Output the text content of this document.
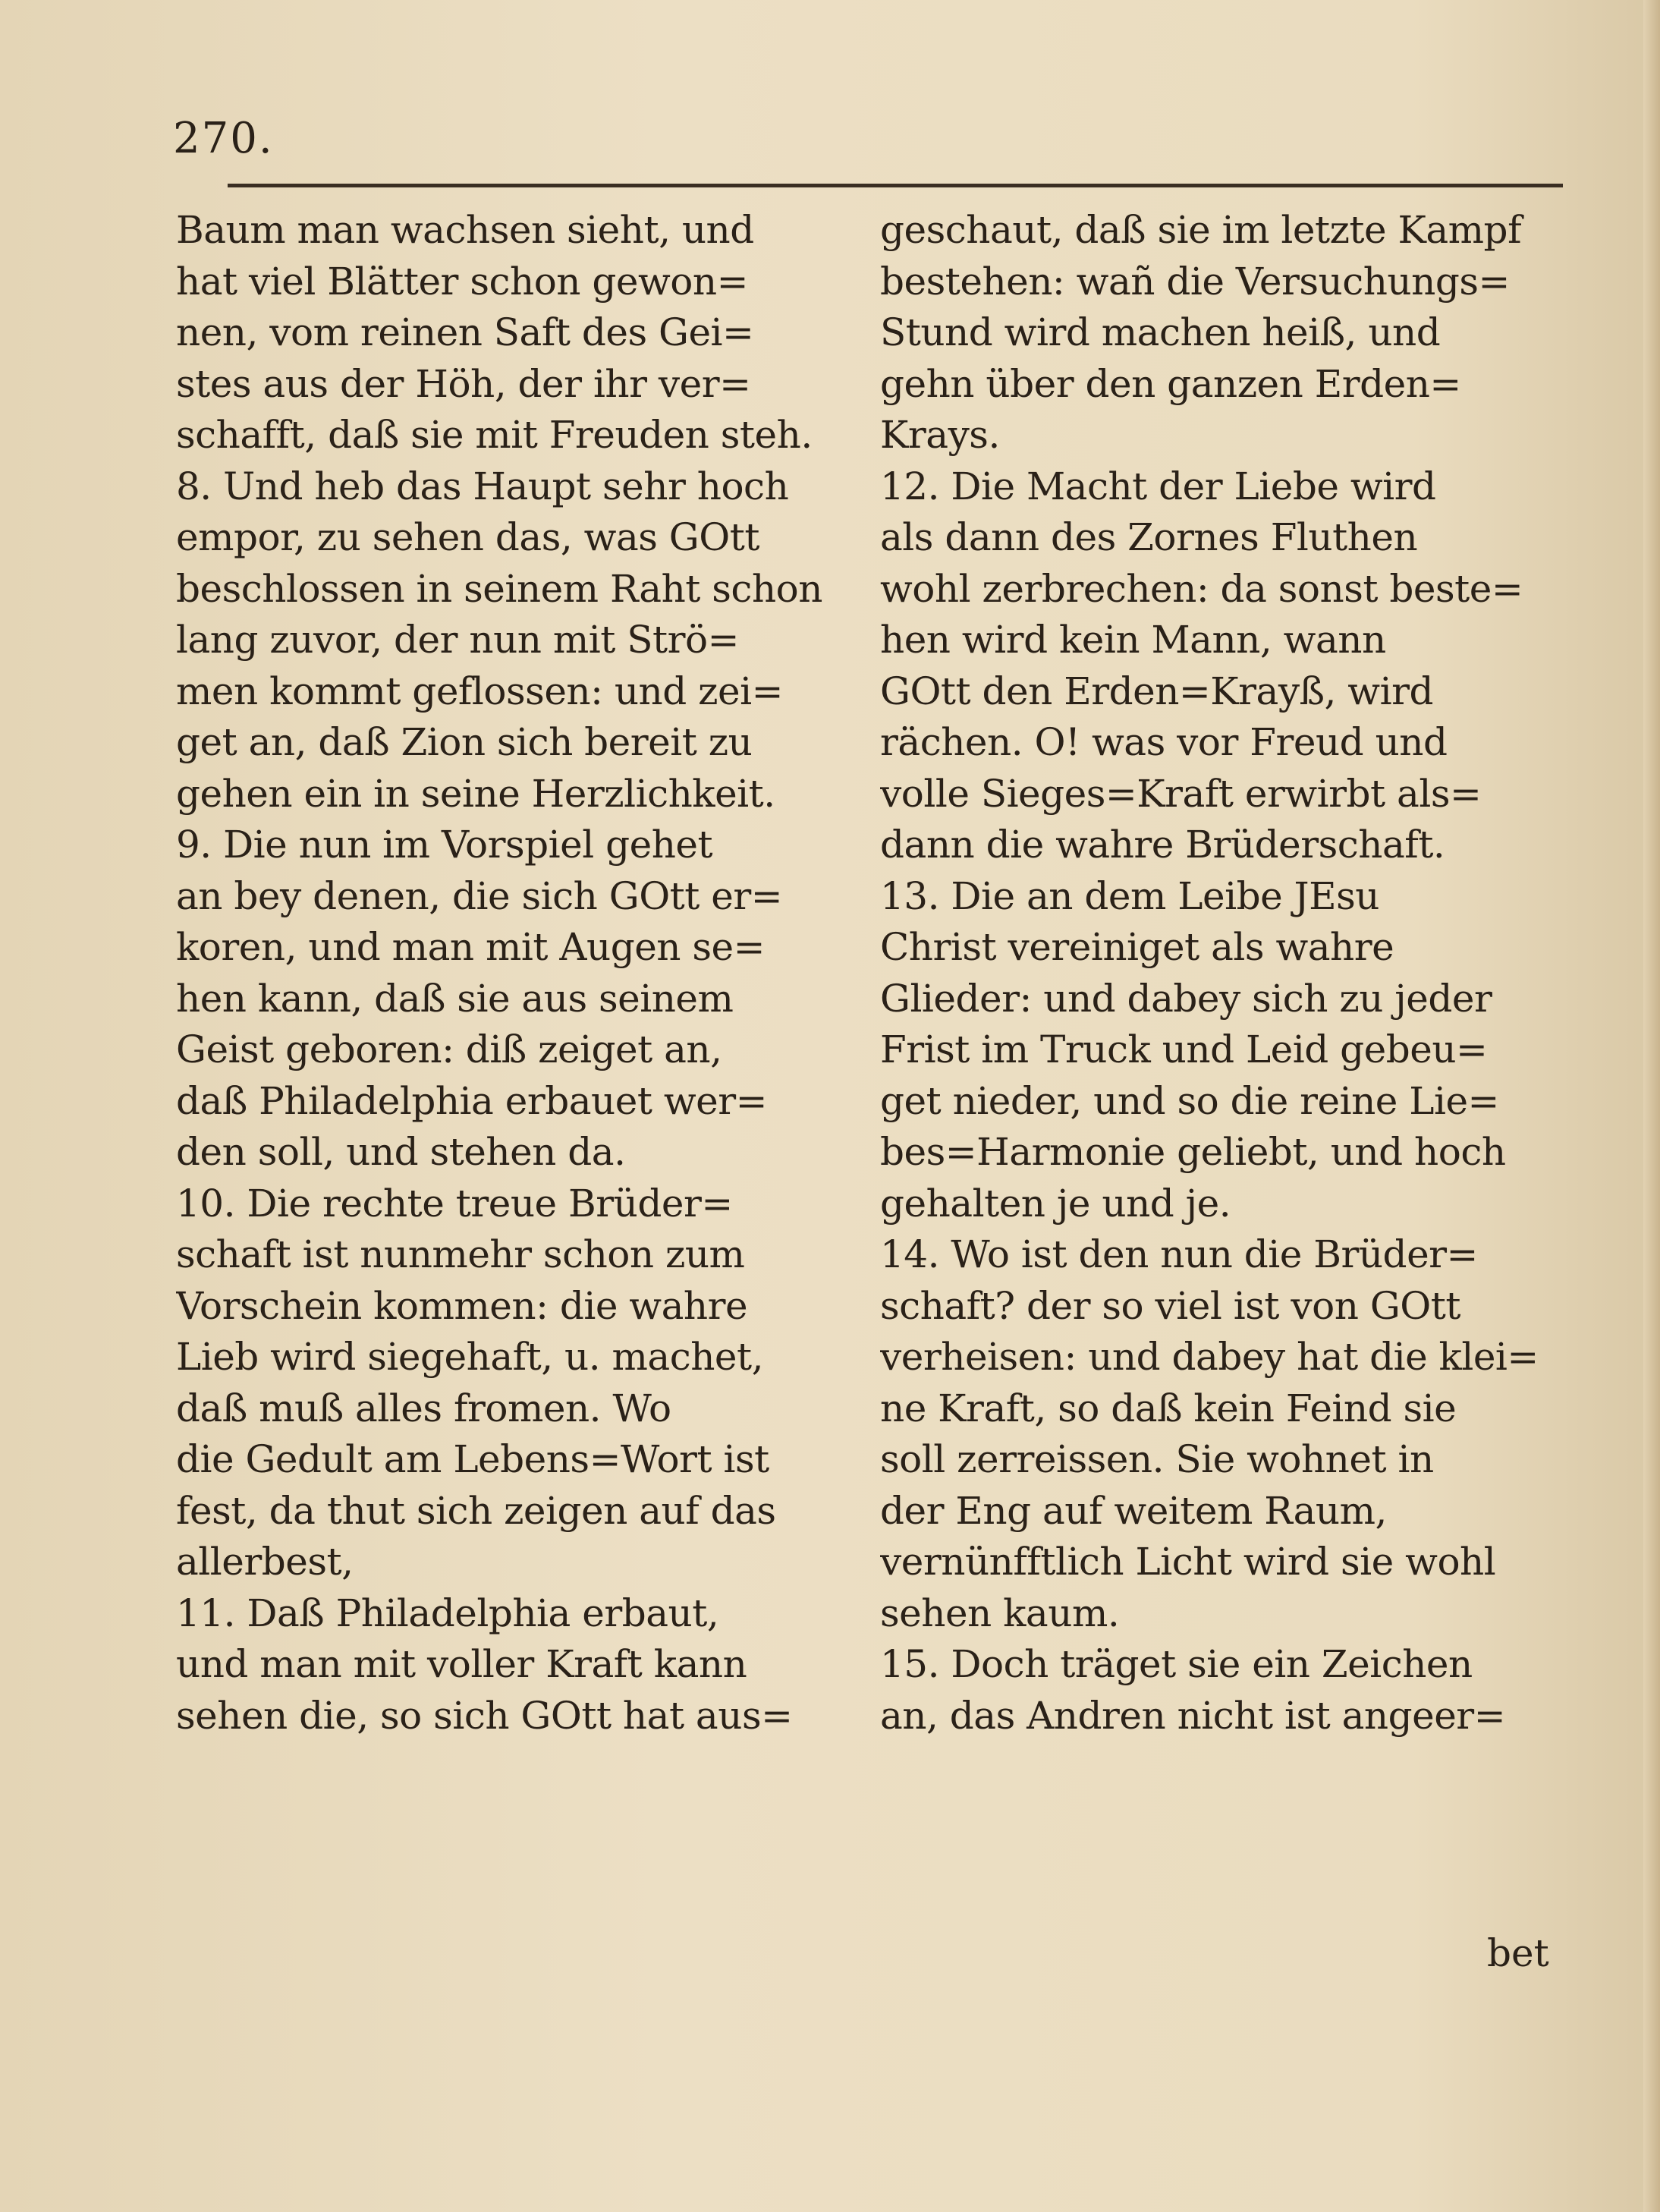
270.
Baum man wachsen sieht, und
hat viel Blätter schon gewon=
nen, vom reinen Saft des Gei=
stes aus der Höh, der ihr ver=
schafft, daß sie mit Freuden steh.
8. Und heb das Haupt sehr hoch
empor, zu sehen das, was GOtt
beschlossen in seinem Raht schon
lang zuvor, der nun mit Strö=
men kommt geflossen: und zei=
get an, daß Zion sich bereit zu
gehen ein in seine Herzlichkeit.
9. Die nun im Vorspiel gehet
an bey denen, die sich GOtt er=
koren, und man mit Augen se=
hen kann, daß sie aus seinem
Geist geboren: diß zeiget an,
daß Philadelphia erbauet wer=
den soll, und stehen da.
10. Die rechte treue Brüder=
schaft ist nunmehr schon zum
Vorschein kommen: die wahre
Lieb wird siegehaft, u. machet,
daß muß alles fromen. Wo
die Gedult am Lebens=Wort ist
fest, da thut sich zeigen auf das
allerbest,
11. Daß Philadelphia erbaut,
und man mit voller Kraft kann
sehen die, so sich GOtt hat aus=
geschaut, daß sie im letzte Kampf
bestehen: wañ die Versuchungs=
Stund wird machen heiß, und
gehn über den ganzen Erden=
Krays.
12. Die Macht der Liebe wird
als dann des Zornes Fluthen
wohl zerbrechen: da sonst beste=
hen wird kein Mann, wann
GOtt den Erden=Krayß, wird
rächen. O! was vor Freud und
volle Sieges=Kraft erwirbt als=
dann die wahre Brüderschaft.
13. Die an dem Leibe JEsu
Christ vereiniget als wahre
Glieder: und dabey sich zu jeder
Frist im Truck und Leid gebeu=
get nieder, und so die reine Lie=
bes=Harmonie geliebt, und hoch
gehalten je und je.
14. Wo ist den nun die Brüder=
schaft? der so viel ist von GOtt
verheisen: und dabey hat die klei=
ne Kraft, so daß kein Feind sie
soll zerreissen. Sie wohnet in
der Eng auf weitem Raum,
vernünfftlich Licht wird sie wohl
sehen kaum.
15. Doch träget sie ein Zeichen
an, das Andren nicht ist angeer=
bet
